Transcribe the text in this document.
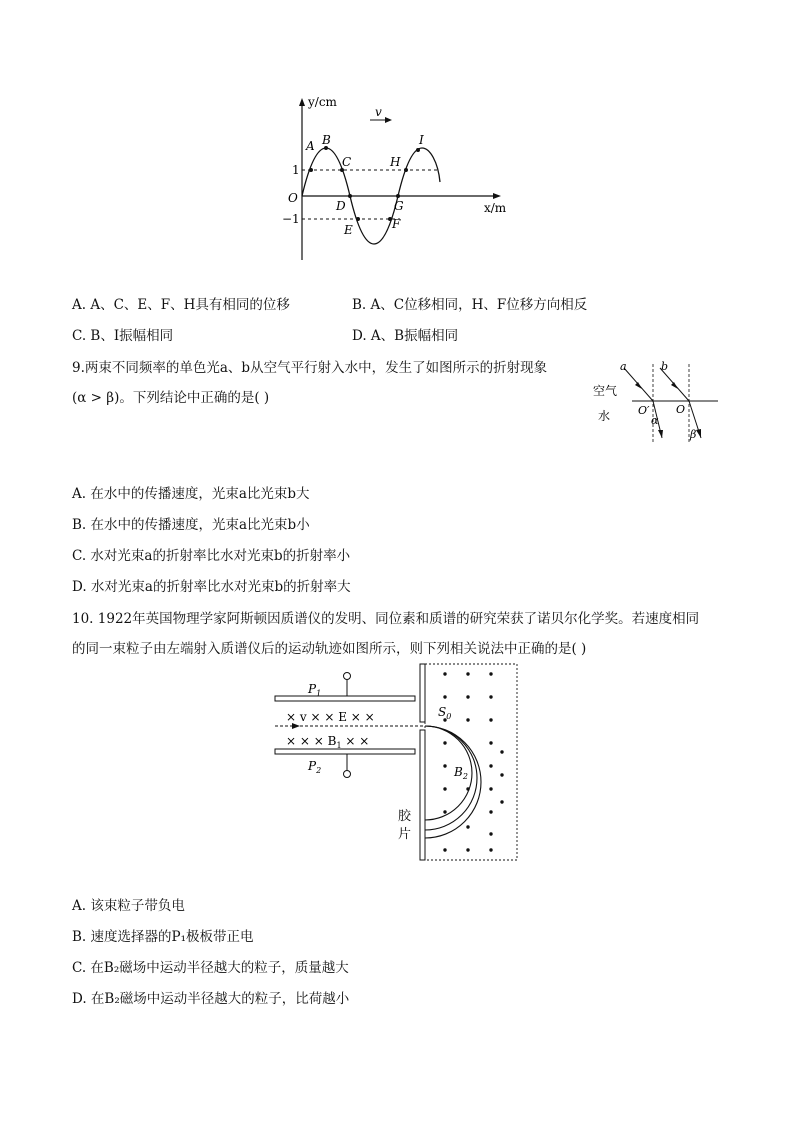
v
y/cm
x/m
O
1
−1
A B
C
D
E	F
G
H
I
A. A、C、E、F、H具有相同的位移	B. A、C位移相同，H、F位移方向相反
C. B、I振幅相同	D. A、B振幅相同
9.两束不同频率的单色光a、b从空气平行射入水中，发生了如图所示的折射现象
(α > β)。下列结论中正确的是( )	空气
水
a	b
O′ O
α
β
A. 在水中的传播速度，光束a比光束b大
B. 在水中的传播速度，光束a比光束b小
C. 水对光束a的折射率比水对光束b的折射率小
D. 水对光束a的折射率比水对光束b的折射率大
10. 1922年英国物理学家阿斯顿因质谱仪的发明、同位素和质谱的研究荣获了诺贝尔化学奖。若速度相同
的同一束粒子由左端射入质谱仪后的运动轨迹如图所示，则下列相关说法中正确的是( )
$P_1$
$P_2$
× v × × E × ×
× × × $B_1$ × ×
$S_0$
$B_2$
胶
片
A. 该束粒子带负电
B. 速度选择器的P₁极板带正电
C. 在B₂磁场中运动半径越大的粒子，质量越大
D. 在B₂磁场中运动半径越大的粒子，比荷越小
